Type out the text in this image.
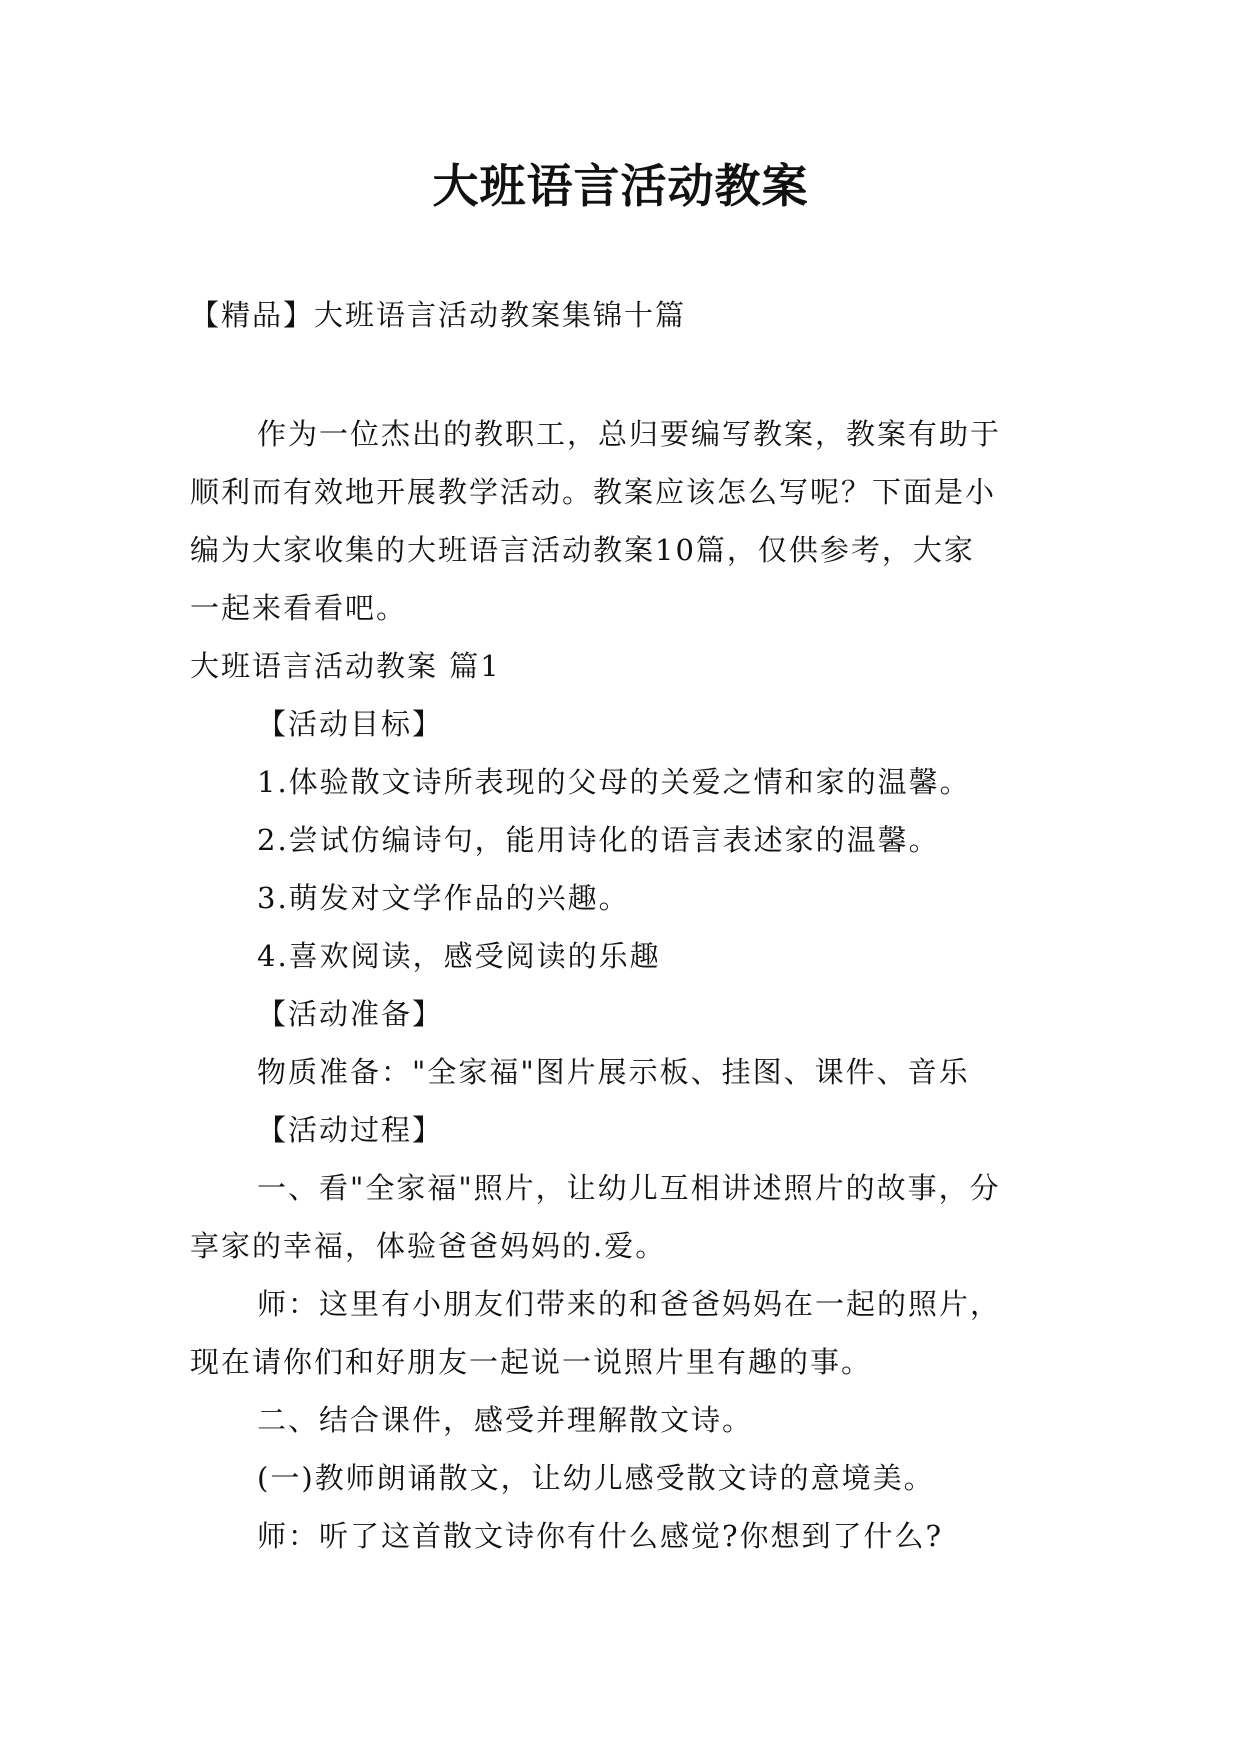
大班语言活动教案

【精品】大班语言活动教案集锦十篇

作为一位杰出的教职工，总归要编写教案，教案有助于

顺利而有效地开展教学活动。教案应该怎么写呢？下面是小

编为大家收集的大班语言活动教案10篇，仅供参考，大家

一起来看看吧。

大班语言活动教案 篇1

【活动目标】

1.体验散文诗所表现的父母的关爱之情和家的温馨。

2.尝试仿编诗句，能用诗化的语言表述家的温馨。

3.萌发对文学作品的兴趣。

4.喜欢阅读，感受阅读的乐趣

【活动准备】

物质准备："全家福"图片展示板、挂图、课件、音乐

【活动过程】

一、看"全家福"照片，让幼儿互相讲述照片的故事，分

享家的幸福，体验爸爸妈妈的.爱。

师：这里有小朋友们带来的和爸爸妈妈在一起的照片，

现在请你们和好朋友一起说一说照片里有趣的事。

二、结合课件，感受并理解散文诗。

(一)教师朗诵散文，让幼儿感受散文诗的意境美。

师：听了这首散文诗你有什么感觉?你想到了什么?
